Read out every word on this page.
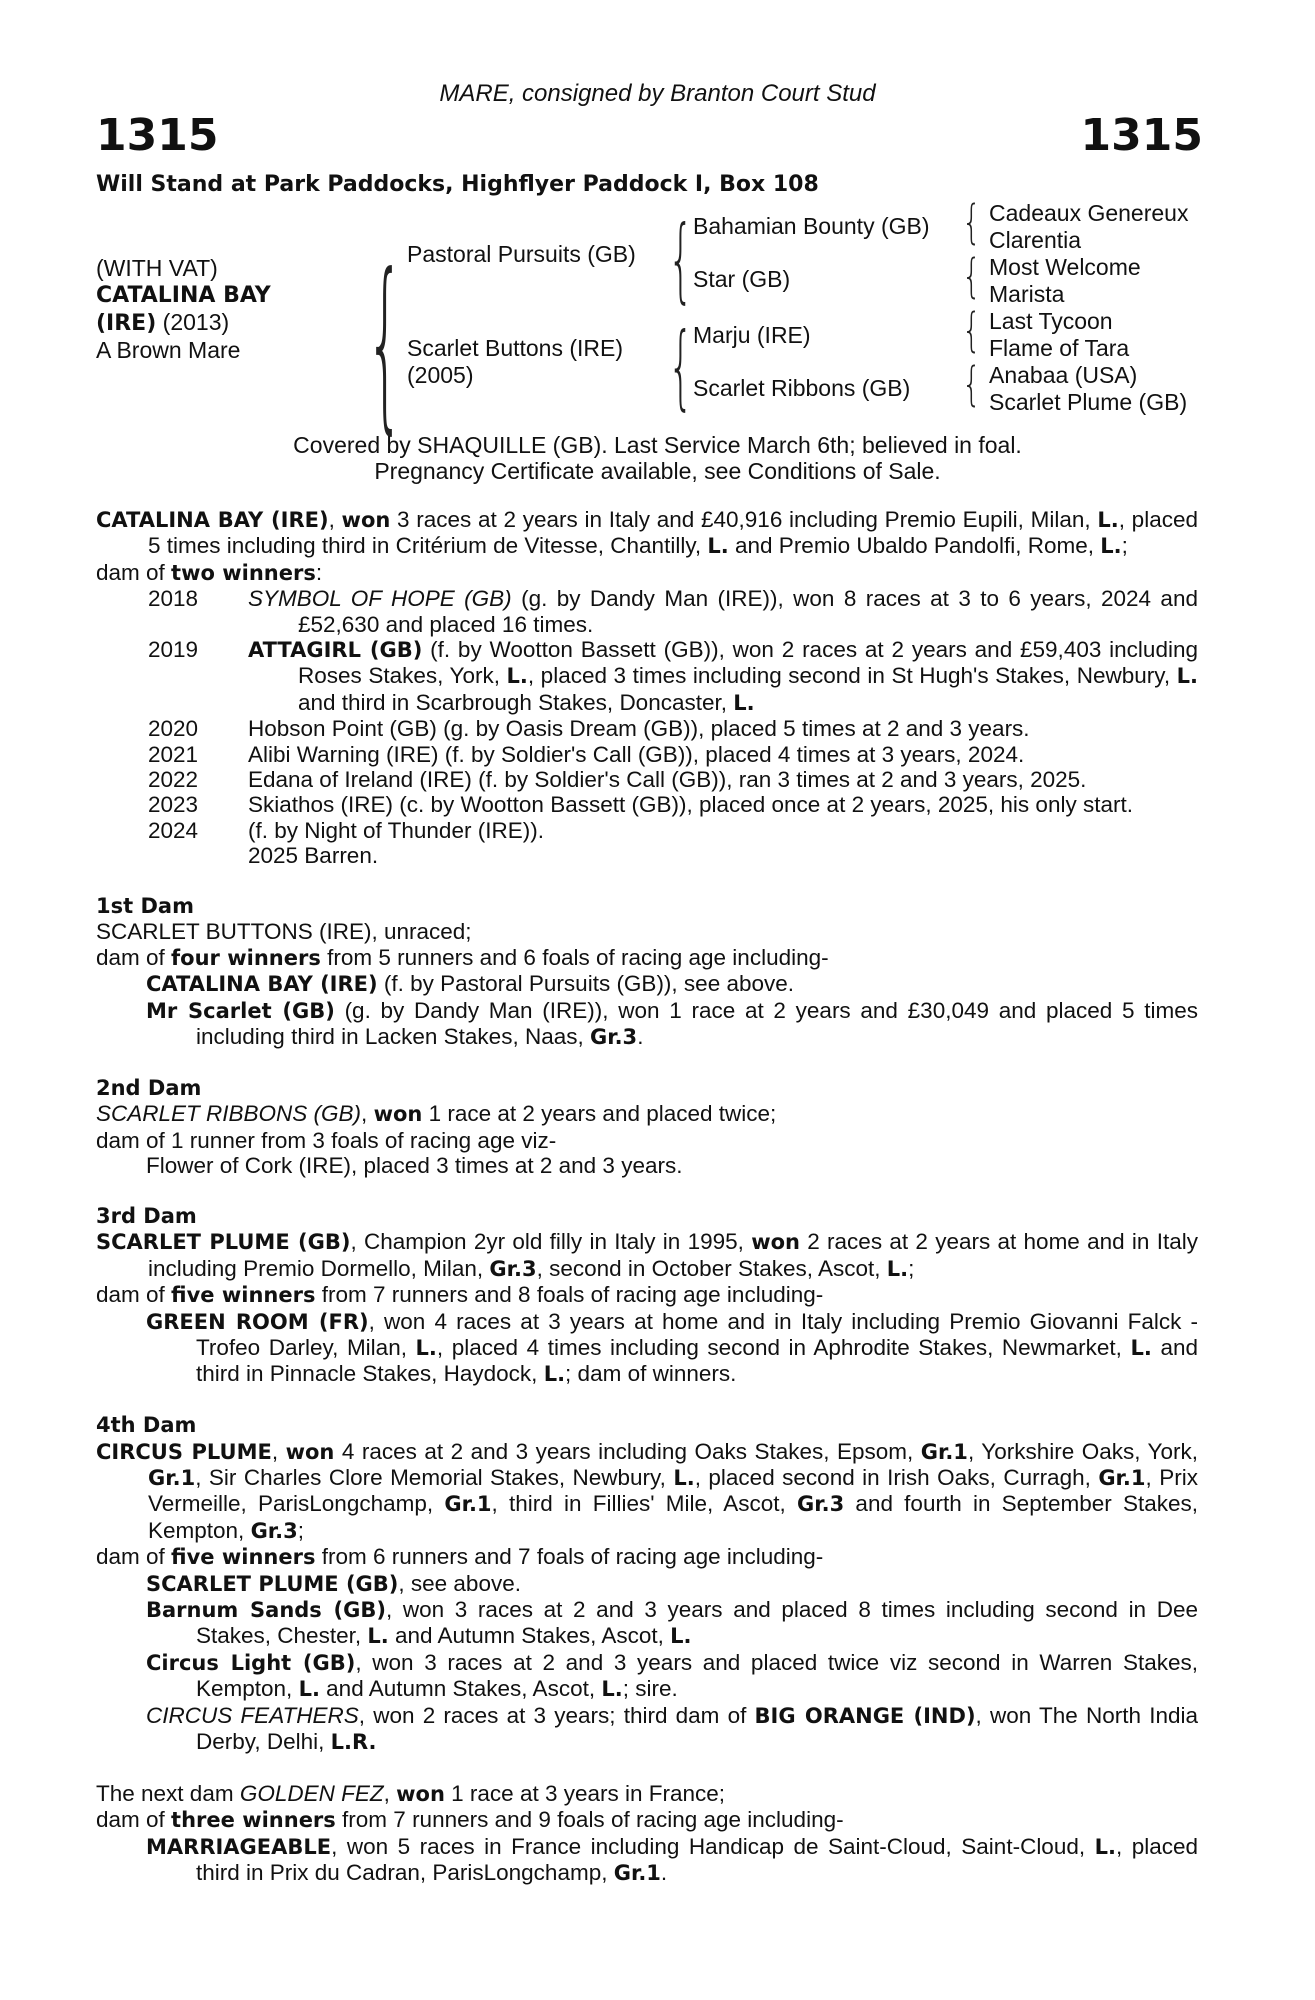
MARE, consigned by Branton Court Stud
1315	1315
Will Stand at Park Paddocks, Highflyer Paddock I, Box 108
(WITH VAT)
CATALINA BAY
(IRE) (2013)
A Brown Mare	{ Pastoral Pursuits (GB)
Scarlet Buttons (IRE)
(2005)
{
{
Bahamian Bounty (GB)
Star (GB)
Marju (IRE)
Scarlet Ribbons (GB)
{
{
{
{
Cadeaux Genereux
Clarentia
Most Welcome
Marista
Last Tycoon
Flame of Tara
Anabaa (USA)
Scarlet Plume (GB)
Covered by SHAQUILLE (GB). Last Service March 6th; believed in foal.
Pregnancy Certificate available, see Conditions of Sale.

CATALINA BAY (IRE), won 3 races at 2 years in Italy and £40,916 including Premio Eupili, Milan, L., placed 5 times including third in Critérium de Vitesse, Chantilly, L. and Premio Ubaldo Pandolfi, Rome, L.;

dam of two winners:

2018	SYMBOL OF HOPE (GB) (g. by Dandy Man (IRE)), won 8 races at 3 to 6 years, 2024 and £52,630 and placed 16 times.
2019	ATTAGIRL (GB) (f. by Wootton Bassett (GB)), won 2 races at 2 years and £59,403 including Roses Stakes, York, L., placed 3 times including second in St Hugh's Stakes, Newbury, L. and third in Scarbrough Stakes, Doncaster, L.
2020	Hobson Point (GB) (g. by Oasis Dream (GB)), placed 5 times at 2 and 3 years.
2021	Alibi Warning (IRE) (f. by Soldier's Call (GB)), placed 4 times at 3 years, 2024.
2022	Edana of Ireland (IRE) (f. by Soldier's Call (GB)), ran 3 times at 2 and 3 years, 2025.
2023	Skiathos (IRE) (c. by Wootton Bassett (GB)), placed once at 2 years, 2025, his only start.
2024	(f. by Night of Thunder (IRE)).
2025 Barren.
1st Dam

SCARLET BUTTONS (IRE), unraced;

dam of four winners from 5 runners and 6 foals of racing age including-

CATALINA BAY (IRE) (f. by Pastoral Pursuits (GB)), see above.

Mr Scarlet (GB) (g. by Dandy Man (IRE)), won 1 race at 2 years and £30,049 and placed 5 times including third in Lacken Stakes, Naas, Gr.3.

2nd Dam

SCARLET RIBBONS (GB), won 1 race at 2 years and placed twice;

dam of 1 runner from 3 foals of racing age viz-

Flower of Cork (IRE), placed 3 times at 2 and 3 years.

3rd Dam

SCARLET PLUME (GB), Champion 2yr old filly in Italy in 1995, won 2 races at 2 years at home and in Italy including Premio Dormello, Milan, Gr.3, second in October Stakes, Ascot, L.;

dam of five winners from 7 runners and 8 foals of racing age including-

GREEN ROOM (FR), won 4 races at 3 years at home and in Italy including Premio Giovanni Falck - Trofeo Darley, Milan, L., placed 4 times including second in Aphrodite Stakes, Newmarket, L. and third in Pinnacle Stakes, Haydock, L.; dam of winners.

4th Dam

CIRCUS PLUME, won 4 races at 2 and 3 years including Oaks Stakes, Epsom, Gr.1, Yorkshire Oaks, York, Gr.1, Sir Charles Clore Memorial Stakes, Newbury, L., placed second in Irish Oaks, Curragh, Gr.1, Prix Vermeille, ParisLongchamp, Gr.1, third in Fillies' Mile, Ascot, Gr.3 and fourth in September Stakes, Kempton, Gr.3;

dam of five winners from 6 runners and 7 foals of racing age including-

SCARLET PLUME (GB), see above.

Barnum Sands (GB), won 3 races at 2 and 3 years and placed 8 times including second in Dee Stakes, Chester, L. and Autumn Stakes, Ascot, L.

Circus Light (GB), won 3 races at 2 and 3 years and placed twice viz second in Warren Stakes, Kempton, L. and Autumn Stakes, Ascot, L.; sire.

CIRCUS FEATHERS, won 2 races at 3 years; third dam of BIG ORANGE (IND), won The North India Derby, Delhi, L.R.

The next dam GOLDEN FEZ, won 1 race at 3 years in France;

dam of three winners from 7 runners and 9 foals of racing age including-

MARRIAGEABLE, won 5 races in France including Handicap de Saint-Cloud, Saint-Cloud, L., placed third in Prix du Cadran, ParisLongchamp, Gr.1.
